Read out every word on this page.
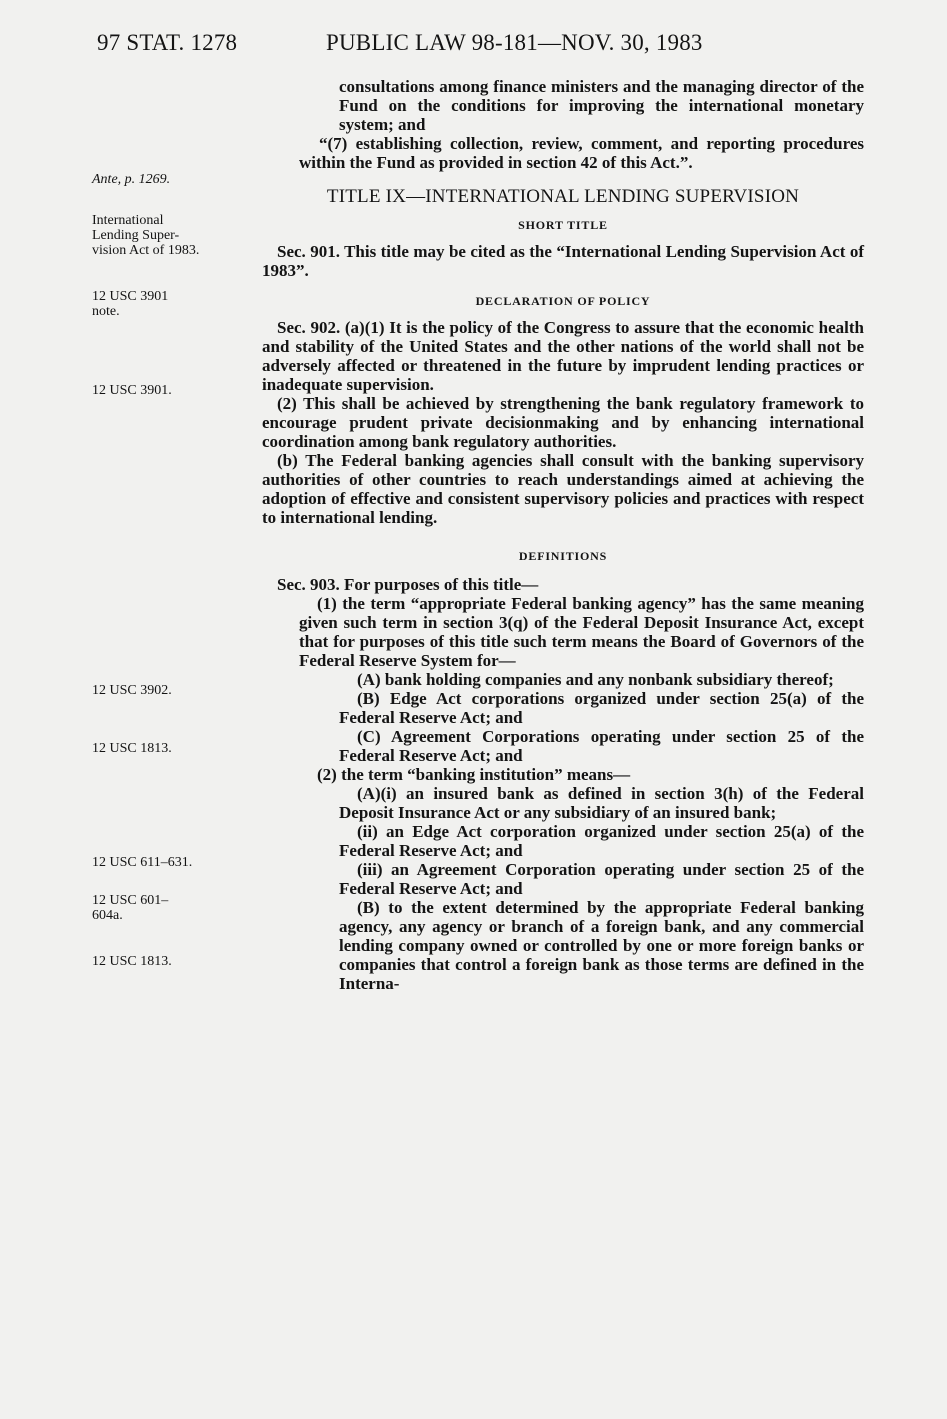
97 STAT. 1278	PUBLIC LAW 98-181—NOV. 30, 1983
Ante, p. 1269.
International Lending Super- vision Act of 1983.
12 USC 3901 note.
12 USC 3901.
12 USC 3902.
12 USC 1813.
12 USC 611–631.
12 USC 601–604a.
12 USC 1813.

consultations among finance ministers and the managing director of the Fund on the conditions for improving the international monetary system; and

“(7) establishing collection, review, comment, and reporting procedures within the Fund as provided in section 42 of this Act.”.

TITLE IX—INTERNATIONAL LENDING SUPERVISION

SHORT TITLE

Sec. 901. This title may be cited as the “International Lending Supervision Act of 1983”.

DECLARATION OF POLICY

Sec. 902. (a)(1) It is the policy of the Congress to assure that the economic health and stability of the United States and the other nations of the world shall not be adversely affected or threatened in the future by imprudent lending practices or inadequate supervision.

(2) This shall be achieved by strengthening the bank regulatory framework to encourage prudent private decisionmaking and by enhancing international coordination among bank regulatory authorities.

(b) The Federal banking agencies shall consult with the banking supervisory authorities of other countries to reach understandings aimed at achieving the adoption of effective and consistent supervisory policies and practices with respect to international lending.

DEFINITIONS

Sec. 903. For purposes of this title—

(1) the term “appropriate Federal banking agency” has the same meaning given such term in section 3(q) of the Federal Deposit Insurance Act, except that for purposes of this title such term means the Board of Governors of the Federal Reserve System for—

(A) bank holding companies and any nonbank subsidiary thereof;

(B) Edge Act corporations organized under section 25(a) of the Federal Reserve Act; and

(C) Agreement Corporations operating under section 25 of the Federal Reserve Act; and

(2) the term “banking institution” means—

(A)(i) an insured bank as defined in section 3(h) of the Federal Deposit Insurance Act or any subsidiary of an insured bank;

(ii) an Edge Act corporation organized under section 25(a) of the Federal Reserve Act; and

(iii) an Agreement Corporation operating under section 25 of the Federal Reserve Act; and

(B) to the extent determined by the appropriate Federal banking agency, any agency or branch of a foreign bank, and any commercial lending company owned or controlled by one or more foreign banks or companies that control a foreign bank as those terms are defined in the Interna-
